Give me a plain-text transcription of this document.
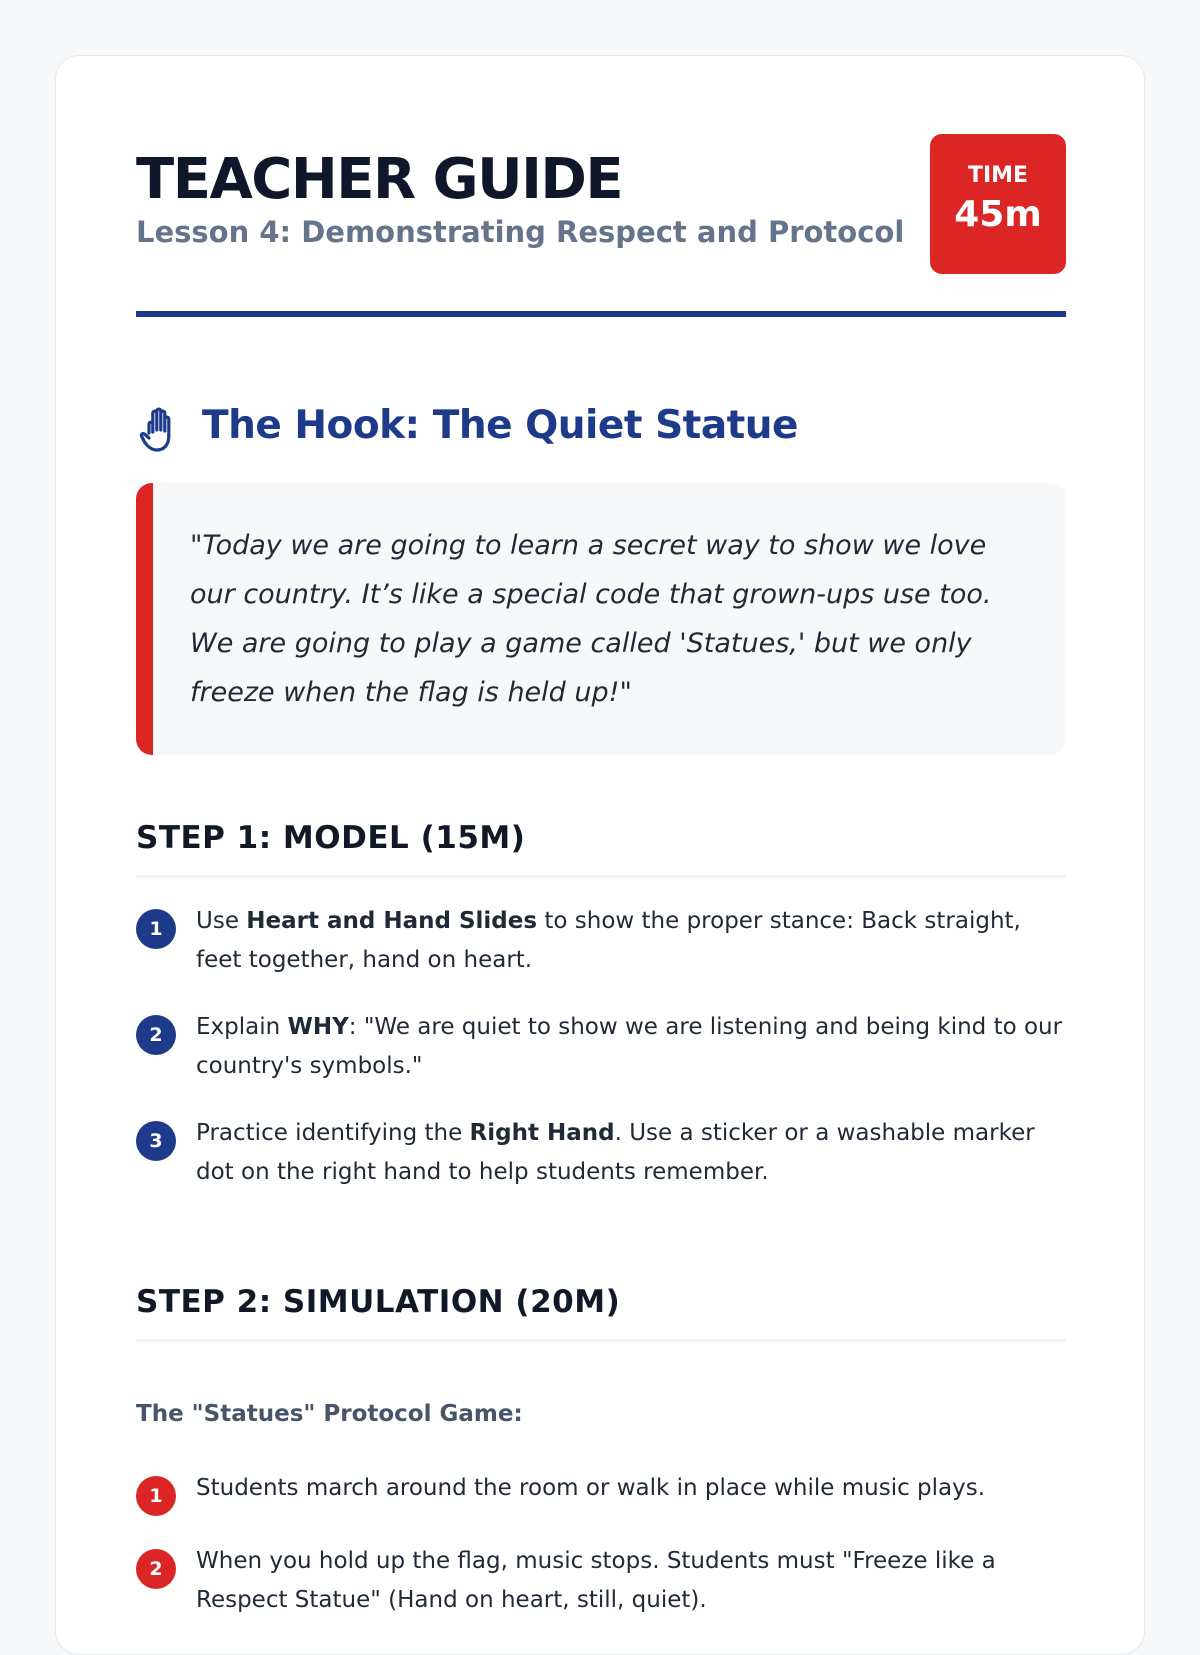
TEACHER GUIDE
Lesson 4: Demonstrating Respect and Protocol
TIME
45m
The Hook: The Quiet Statue

"Today we are going to learn a secret way to show we love our country. It’s like a special code that grown-ups use too. We are going to play a game called 'Statues,' but we only freeze when the flag is held up!"

STEP 1: MODEL (15M)
1	Use Heart and Hand Slides to show the proper stance: Back straight, feet together, hand on heart.
2	Explain WHY: "We are quiet to show we are listening and being kind to our country's symbols."
3	Practice identifying the Right Hand. Use a sticker or a washable marker dot on the right hand to help students remember.
STEP 2: SIMULATION (20M)
The "Statues" Protocol Game:
1	Students march around the room or walk in place while music plays.
2	When you hold up the flag, music stops. Students must "Freeze like a Respect Statue" (Hand on heart, still, quiet).
